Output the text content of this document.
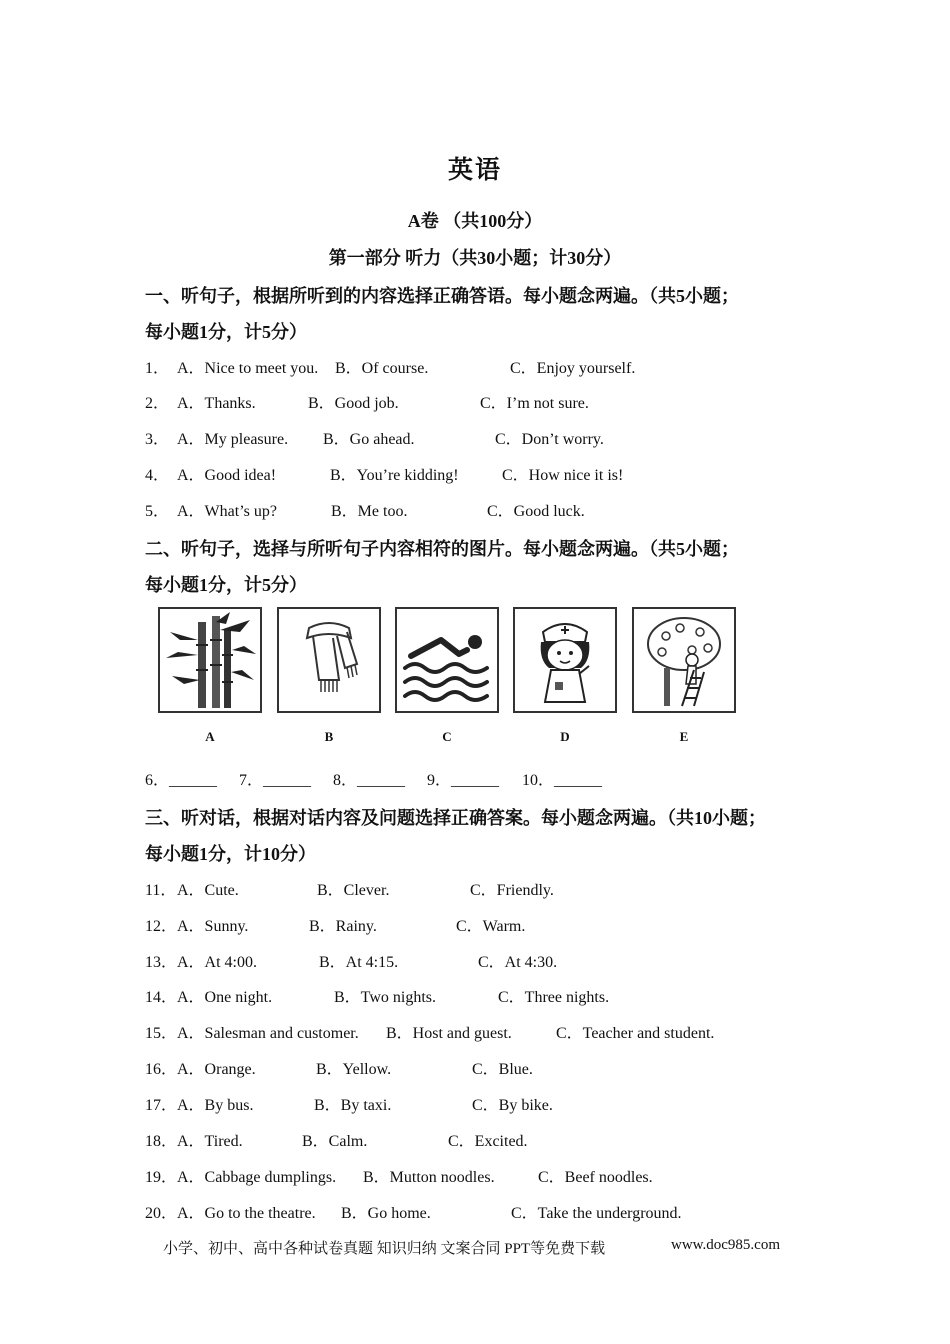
英语
A卷 （共100分）
第一部分 听力（共30小题；计30分）
一、听句子，根据所听到的内容选择正确答语。每小题念两遍。（共5小题；
每小题1分，计5分）
1． A．Nice to meet you. B．Of course.	C．Enjoy yourself.
2． A．Thanks.	B．Good job.	C．I’m not sure.
3． A．My pleasure. B．Go ahead.	C．Don’t worry.
4． A．Good idea!	B．You’re kidding!	C．How nice it is!
5． A．What’s up?	B．Me too.	C．Good luck.
二、听句子，选择与所听句子内容相符的图片。每小题念两遍。（共5小题；
每小题1分，计5分）
A	B	C	D	E
6．______ 7．______ 8．______ 9．______ 10．______
三、听对话，根据对话内容及问题选择正确答案。每小题念两遍。（共10小题；
每小题1分，计10分）
11． A．Cute.	B．Clever.	C．Friendly.
12． A．Sunny.	B．Rainy.	C．Warm.
13． A．At 4:00.	B．At 4:15.	C．At 4:30.
14． A．One night.	B．Two nights.	C．Three nights.
15． A．Salesman and customer. B．Host and guest.	C．Teacher and student.
16． A．Orange.	B．Yellow.	C．Blue.
17． A．By bus.	B．By taxi.	C．By bike.
18． A．Tired.	B．Calm.	C．Excited.
19． A．Cabbage dumplings. B．Mutton noodles.	C．Beef noodles.
20． A．Go to the theatre. B．Go home.	C．Take the underground.
小学、初中、高中各种试卷真题 知识归纳 文案合同 PPT等免费下载	www.doc985.com
